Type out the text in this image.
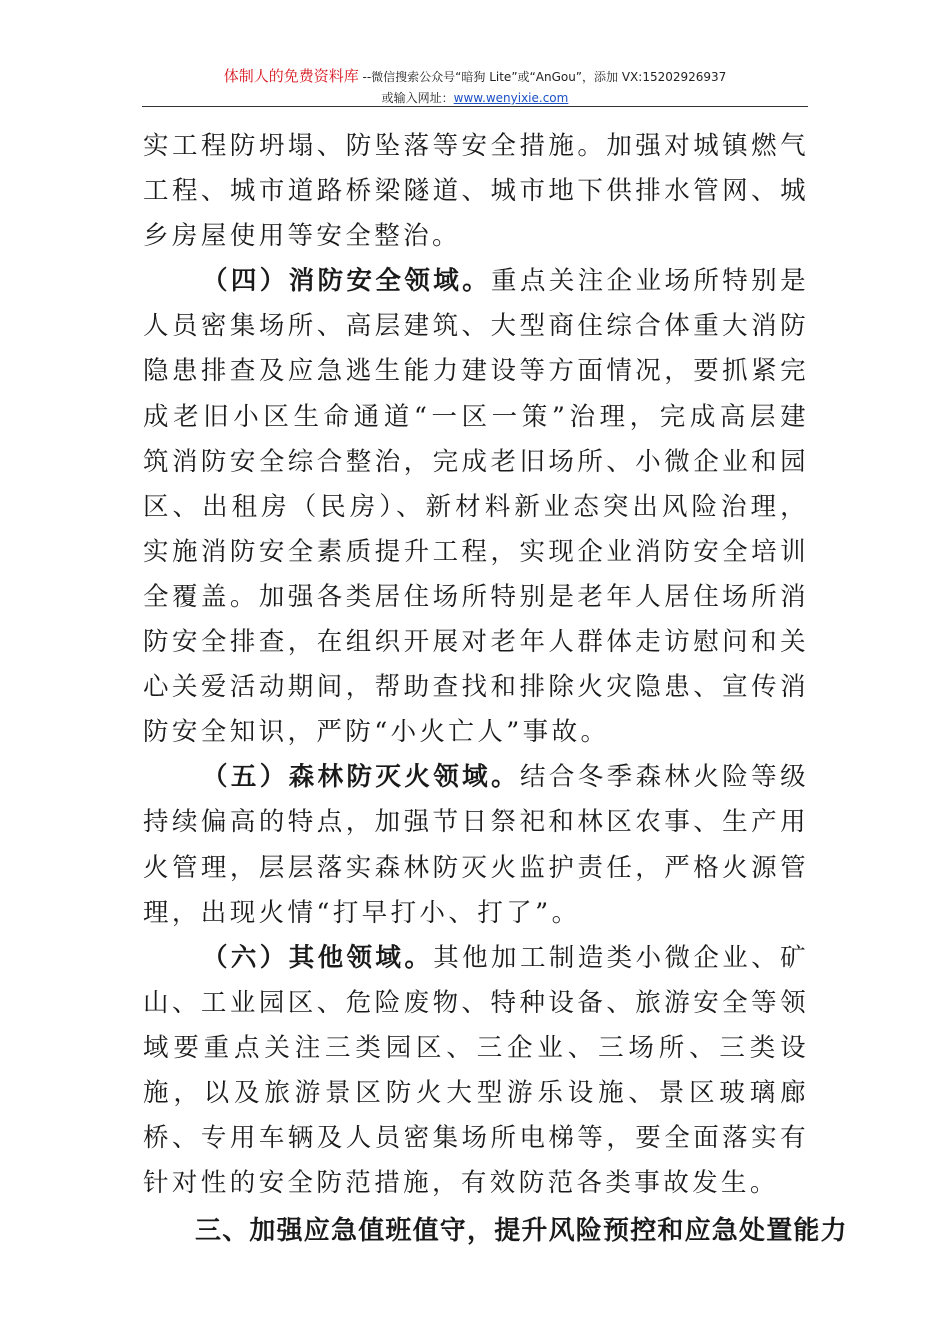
体制人的免费资料库 --微信搜索公众号“暗狗 Lite”或“AnGou”，添加 VX:15202926937
或输入网址：www.wenyixie.com

实工程防坍塌、防坠落等安全措施。加强对城镇燃气工程、城市道路桥梁隧道、城市地下供排水管网、城乡房屋使用等安全整治。

（四）消防安全领域。重点关注企业场所特别是人员密集场所、高层建筑、大型商住综合体重大消防隐患排查及应急逃生能力建设等方面情况，要抓紧完成老旧小区生命通道“一区一策”治理，完成高层建筑消防安全综合整治，完成老旧场所、小微企业和园区、出租房（民房）、新材料新业态突出风险治理，实施消防安全素质提升工程，实现企业消防安全培训全覆盖。加强各类居住场所特别是老年人居住场所消防安全排查，在组织开展对老年人群体走访慰问和关心关爱活动期间，帮助查找和排除火灾隐患、宣传消防安全知识，严防“小火亡人”事故。

（五）森林防灭火领域。结合冬季森林火险等级持续偏高的特点，加强节日祭祀和林区农事、生产用火管理，层层落实森林防灭火监护责任，严格火源管理，出现火情“打早打小、打了”。

（六）其他领域。其他加工制造类小微企业、矿山、工业园区、危险废物、特种设备、旅游安全等领域要重点关注三类园区、三企业、三场所、三类设施，以及旅游景区防火大型游乐设施、景区玻璃廊桥、专用车辆及人员密集场所电梯等，要全面落实有针对性的安全防范措施，有效防范各类事故发生。

三、加强应急值班值守，提升风险预控和应急处置能力
